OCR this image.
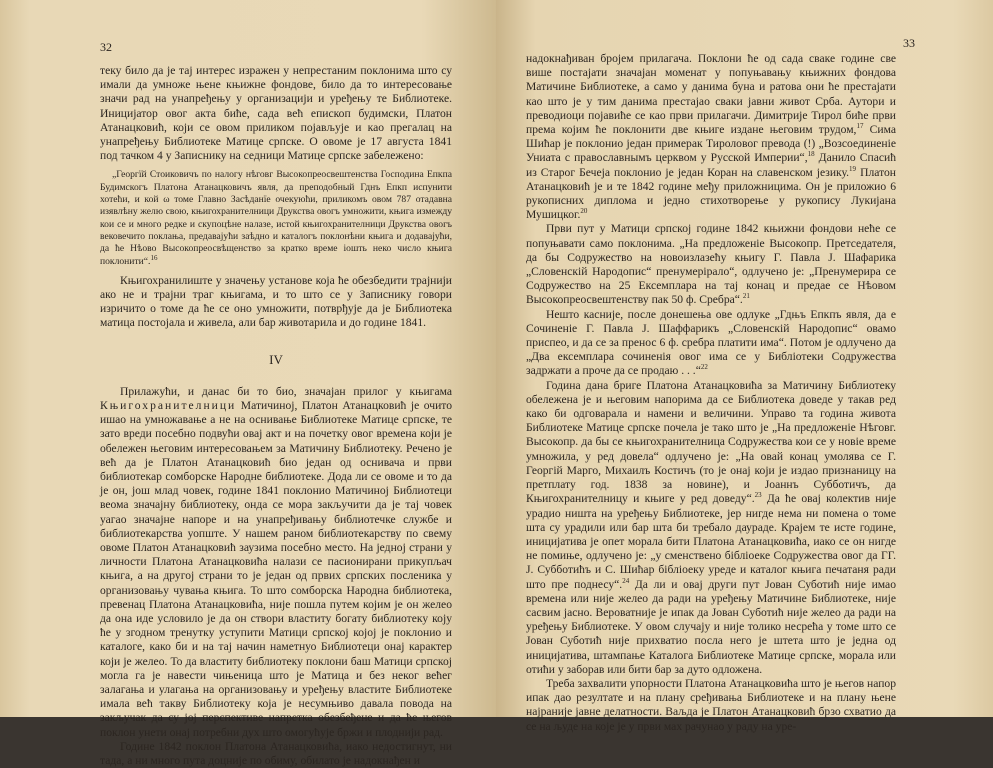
32

теку било да је тај интерес изражен у непрестаним поклонима што су имали да умноже њене књижне фондове, било да то интересовање значи рад на унапређењу у организацији и уређењу те Библиотеке. Иницијатор овог акта биће, сада већ епископ будимски, Платон Атанацковић, који се овом приликом појављује и као прегалац на унапређењу Библиотеке Матице српске. О овоме је 17 августа 1841 под тачком 4 у Записнику на седници Матице српске забележено:

„Георгїй Стоиковичъ по налогу нѣговг Высокопреосвештенства Господина Епкпа Будимскогъ Платона Атанацковичъ явля, да преподобный Гднъ Епкп испунити хотећи, и кой ω томе Главно Засѣданїе очекуюћи, приликомъ овом 787 отадавна изявлѣну желю свою, књигохранителници Друкства овогъ умножити, књига измежду кои се и много редке и скупоцѣне налазе, истой књигохранителници Друкства овогъ вековечито поклања, предавајући заѣдно и каталогъ поклонѣни књига и додавајући, да ће Нѣово Высокопреосвѣщенство за кратко време іошть неко число књига поклонити“.$^{16}$

Књигохранилиште у значењу установе која ће обезбедити трајнији ако не и трајни траг књигама, и то што се у Записнику говори изричито о томе да ће се оно умножити, потврђује да је Библиотека матица постојала и живела, али бар животарила и до године 1841.

IV

Прилажући, и данас би то био, значајан прилог у књигама Књигохранителници Матичиној, Платон Атанацковић је очито ишао на умножавање а не на оснивање Библиотеке Матице српске, те зато вреди посебно подвући овај акт и на почетку овог времена који је обележен његовим интересовањем за Матичину Библиотеку. Речено је већ да је Платон Атанацковић био један од оснивача и први библиотекар сомборске Народне библиотеке. Дода ли се овоме и то да је он, још млад човек, године 1841 поклонио Матичиној Библиотеци веома значајну библиотеку, онда се мора закључити да је тај човек уагао значајне напоре и на унапређивању библиотечке службе и библиотекарства уопште. У нашем раном библиотекарству по свему овоме Платон Атанацковић заузима посебно место. На једној страни у личности Платона Атанацковића налази се пасионирани прикупљач књига, а на другој страни то је један од првих српских посленика у организовању чувања књига. То што сомборска Народна библиотека, превенац Платона Атанацковића, није пошла путем којим је он желео да она иде условило је да он створи властиту богату библиотеку коју ће у згодном тренутку уступити Матици српској којој је поклонио и каталоге, како би и на тај начин наметнуо Библиотеци онај карактер који је желео. То да властиту библиотеку поклони баш Матици српској могла га је навести чињеница што је Матица и без неког већег залагања и улагања на организовању и уређењу властите Библиотеке имала већ такву Библиотеку која је несумњиво давала повода на закључак да су јој перспективе напретка обезбеђене и да ће његов поклон унети онај потребни дух што омогућује бржи и плоднији рад.

Године 1842 поклон Платона Атанацковића, иако недостигнут, ни тада, а ни много пута доцније по обиму, обилато је надокнађен и

33

надокнађиван бројем прилагача. Поклони ће од сада сваке године све више постајати значајан моменат у попуњавању књижних фондова Матичине Библиотеке, а само у данима буна и ратова они ће престајати као што је у тим данима престајао сваки јавни живот Срба. Аутори и преводиоци појавиће се као први прилагачи. Димитрије Тирол биће први према којим ће поклонити две књиге издане његовим трудом,$^{17}$ Сима Шићар је поклонио један примерак Тироловог превода (!) „Возсоединеніе Униата с православнымъ церквом у Русской Империи“,$^{18}$ Данило Спасић из Старог Бечеја поклонио је један Коран на славенском језику.$^{19}$ Платон Атанацковић је и те 1842 године међу приложницима. Он је приложио 6 рукописних диплома и једно стихотворење у рукопису Лукијана Мушицког.$^{20}$

Први пут у Матици српској године 1842 књижни фондови неће се попуњавати само поклонима. „На предложеніе Высокопр. Претседателя, да бы Содружество на новоизлазећу књигу Г. Павла Ј. Шафарика „Словенскій Народопис“ пренумерірало“, одлучено је: „Пренумерира се Содружество на 25 Ексемплара на тај конац и предае се Нѣовом Высокопреосвештенству пак 50 ф. Сребра“.$^{21}$

Нешто касније, после донешења ове одлуке „Гдњъ Епкпъ явля, да е Сочиненіе Г. Павла Ј. Шаффарикъ „Словенскій Народопис“ овамо приспео, и да се за пренос 6 ф. сребра платити има“. Потом је одлучено да „Два ексемплара сочиненія овог има се у Библіотеки Содружества задржати а проче да се продаю . . .“$^{22}$

Година дана бриге Платона Атанацковића за Матичину Библиотеку обележена је и његовим напорима да се Библиотека доведе у такав ред како би одговарала и намени и величини. Управо та година живота Библиотеке Матице српске почела је тако што је „На предложеніе Нѣговг. Высокопр. да бы се књигохранителница Содружества кои се у новіе време умножила, у ред довела“ одлучено је: „На овай конац умолява се Г. Георгій Марго, Михаилъ Костичъ (то је онај који је издао признаницу на претплату год. 1838 за новине), и Јоаннъ Субботичъ, да Књигохранителницу и књиге у ред доведу“.$^{23}$ Да ће овај колектив није урадио ништа на уређењу Библиотеке, јер нигде нема ни помена о томе шта су урадили или бар шта би требало даураде. Крајем те исте године, иницијатива је опет морала бити Платона Атанацковића, иако се он нигде не помиње, одлучено је: „у сменствено бібліоеке Содружества овог да ГГ. Ј. Субботићъ и С. Шићар бібліоеку уреде и каталог књига печатаня ради што пре поднесу“.$^{24}$ Да ли и овај други пут Јован Суботић није имао времена или није желео да ради на уређењу Матичине Библиотеке, није сасвим јасно. Вероватније је ипак да Јован Суботић није желео да ради на уређењу Библиотеке. У овом случају и није толико несрећа у томе што се Јован Суботић није прихватио посла него је штета што је једна од иницијатива, штампање Каталога Библиотеке Матице српске, морала или отићи у заборав или бити бар за дуто одложена.

Треба захвалити упорности Платона Атанацковића што је његов напор ипак дао резултате и на плану сређивања Библиотеке и на плану њене најраније јавне делатности. Ваљда је Платон Атанацковић брзо схватио да се на људе на које је у први мах рачунао у раду на уре-
